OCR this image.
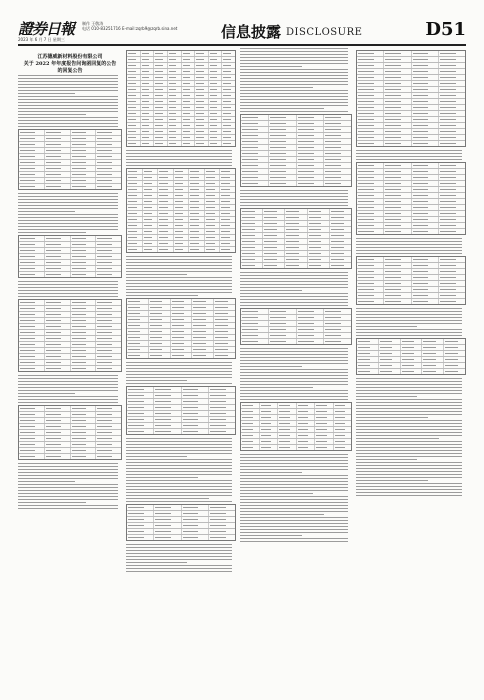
證券日報 制作 王敬涛
电话 010-83251716 E-mail:zqrb9@zqrb.sina.net
2023 年 6 月 7 日 星期三	信息披露 DISCLOSURE	D51
江苏德威新材料股份有限公司
关于 2022 年年度报告问询函回复的公告
的回复公告
